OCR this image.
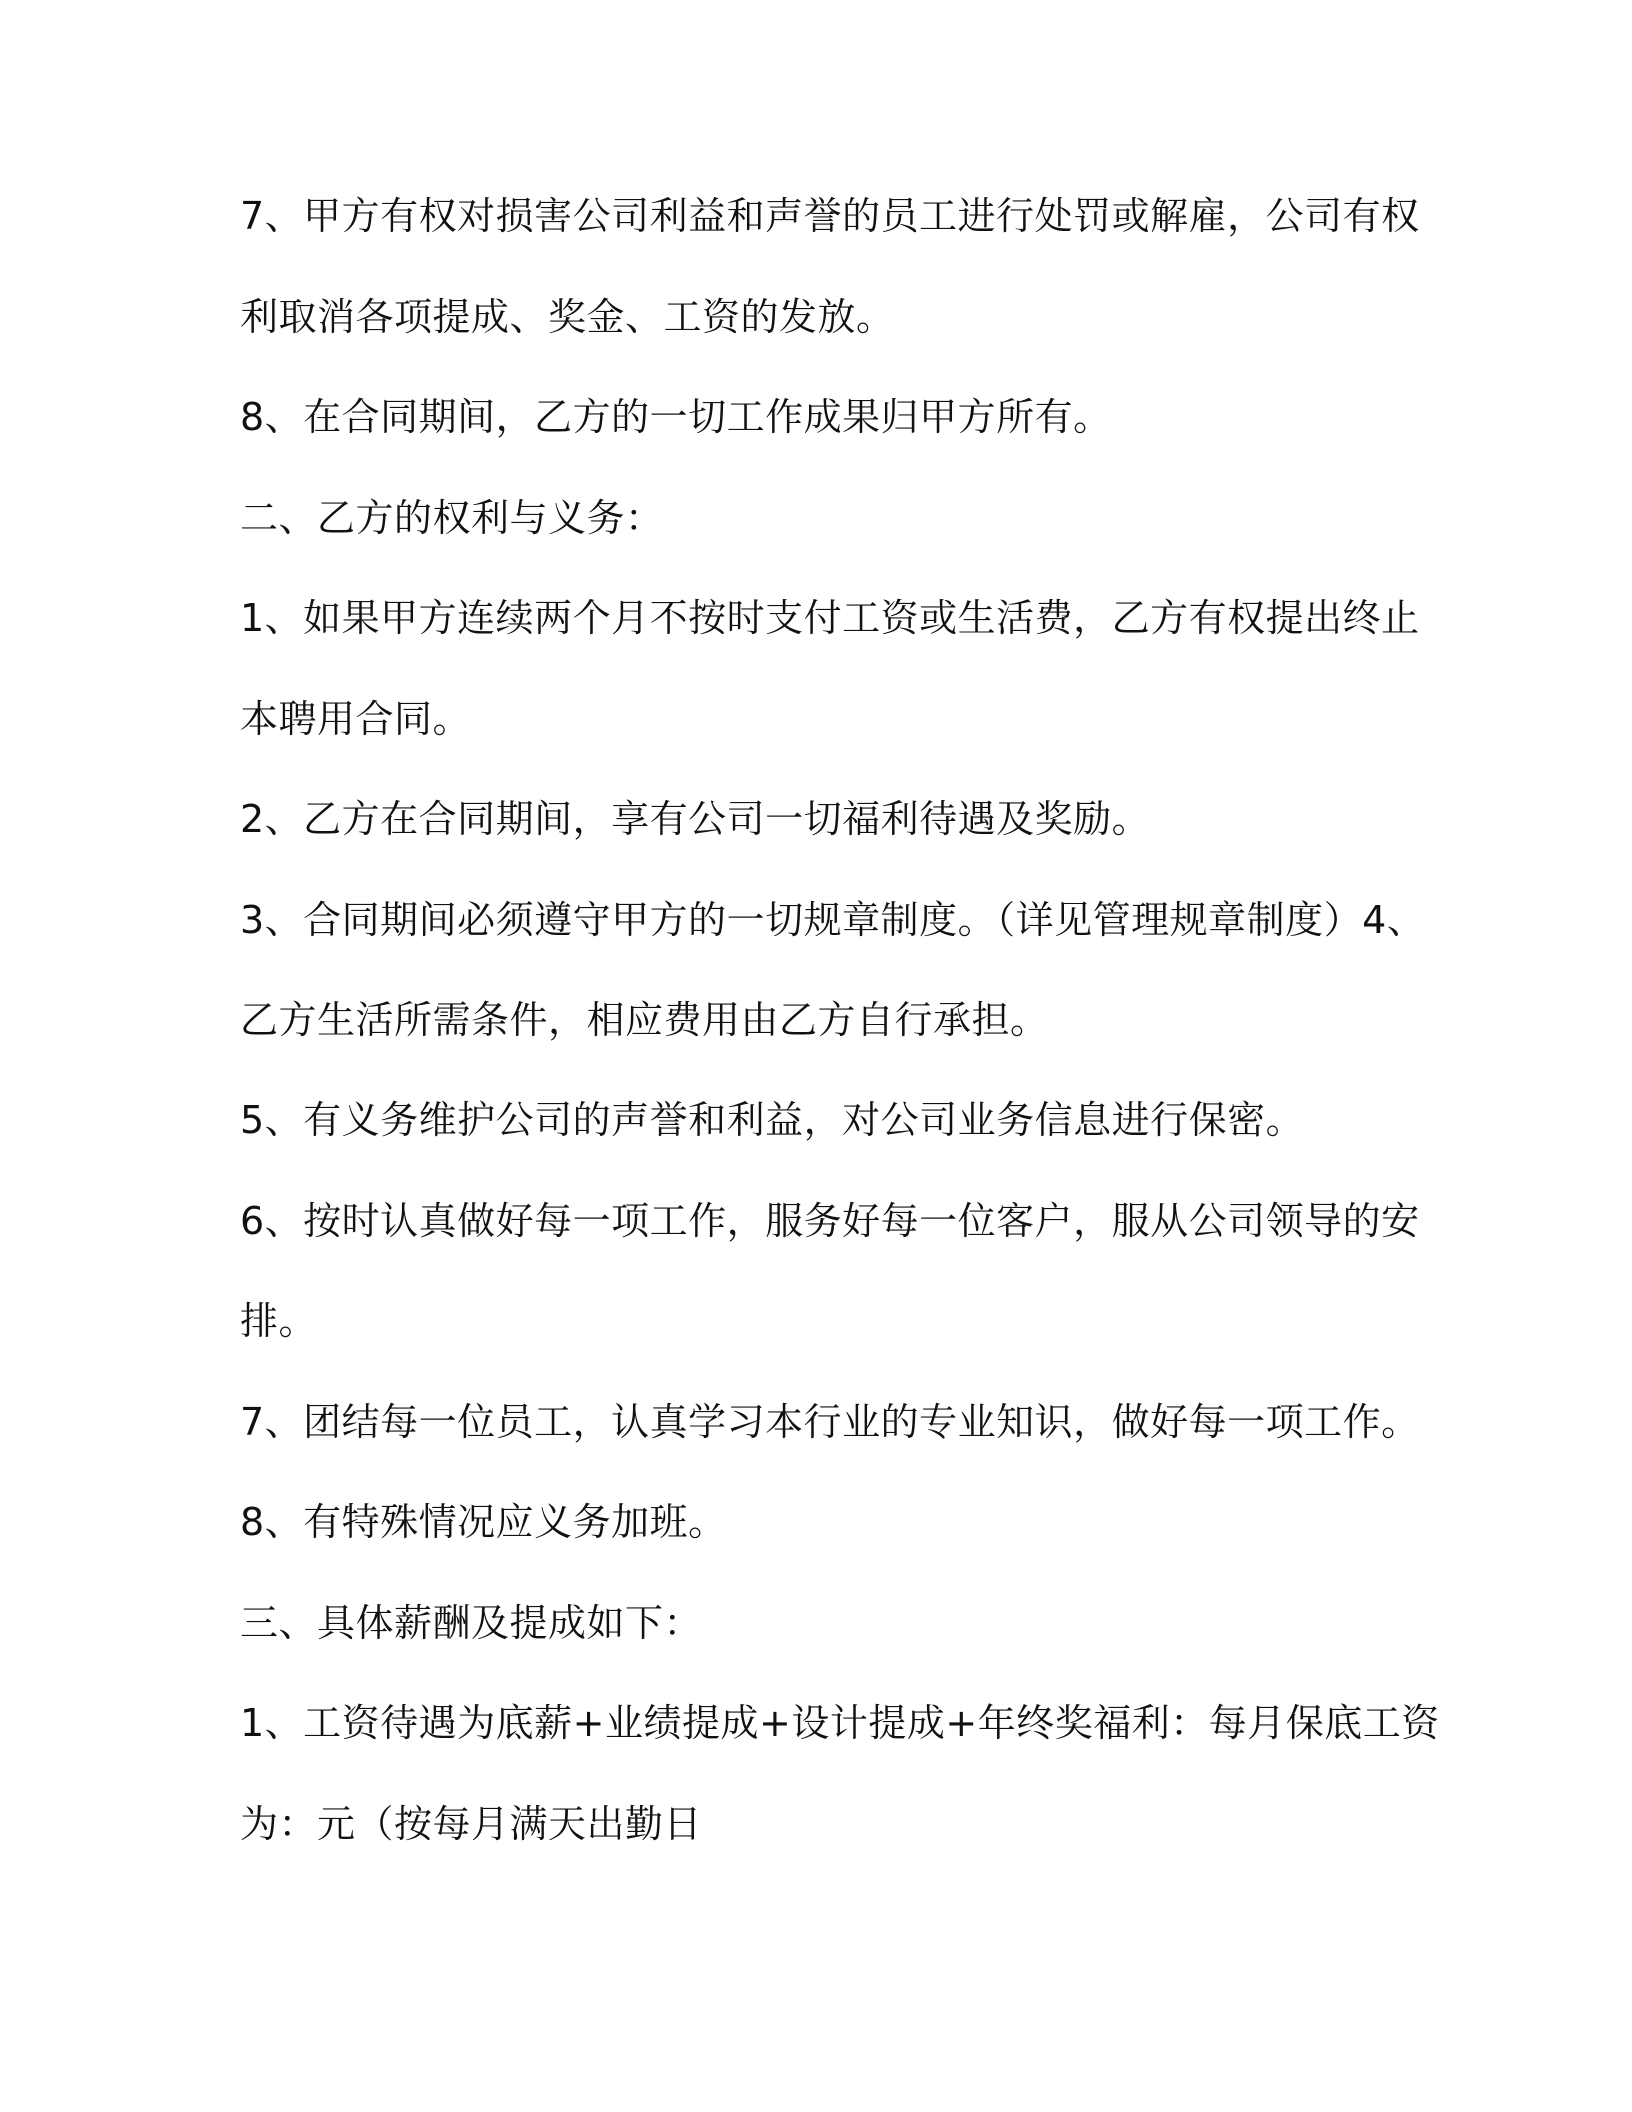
7、甲方有权对损害公司利益和声誉的员工进行处罚或解雇，公司有权
利取消各项提成、奖金、工资的发放。
8、在合同期间，乙方的一切工作成果归甲方所有。
二、乙方的权利与义务：
1、如果甲方连续两个月不按时支付工资或生活费，乙方有权提出终止
本聘用合同。
2、乙方在合同期间，享有公司一切福利待遇及奖励。
3、合同期间必须遵守甲方的一切规章制度。（详见管理规章制度）4、
乙方生活所需条件，相应费用由乙方自行承担。
5、有义务维护公司的声誉和利益，对公司业务信息进行保密。
6、按时认真做好每一项工作，服务好每一位客户，服从公司领导的安
排。
7、团结每一位员工，认真学习本行业的专业知识，做好每一项工作。
8、有特殊情况应义务加班。
三、具体薪酬及提成如下：
1、工资待遇为底薪+业绩提成+设计提成+年终奖福利：每月保底工资
为：元（按每月满天出勤日
